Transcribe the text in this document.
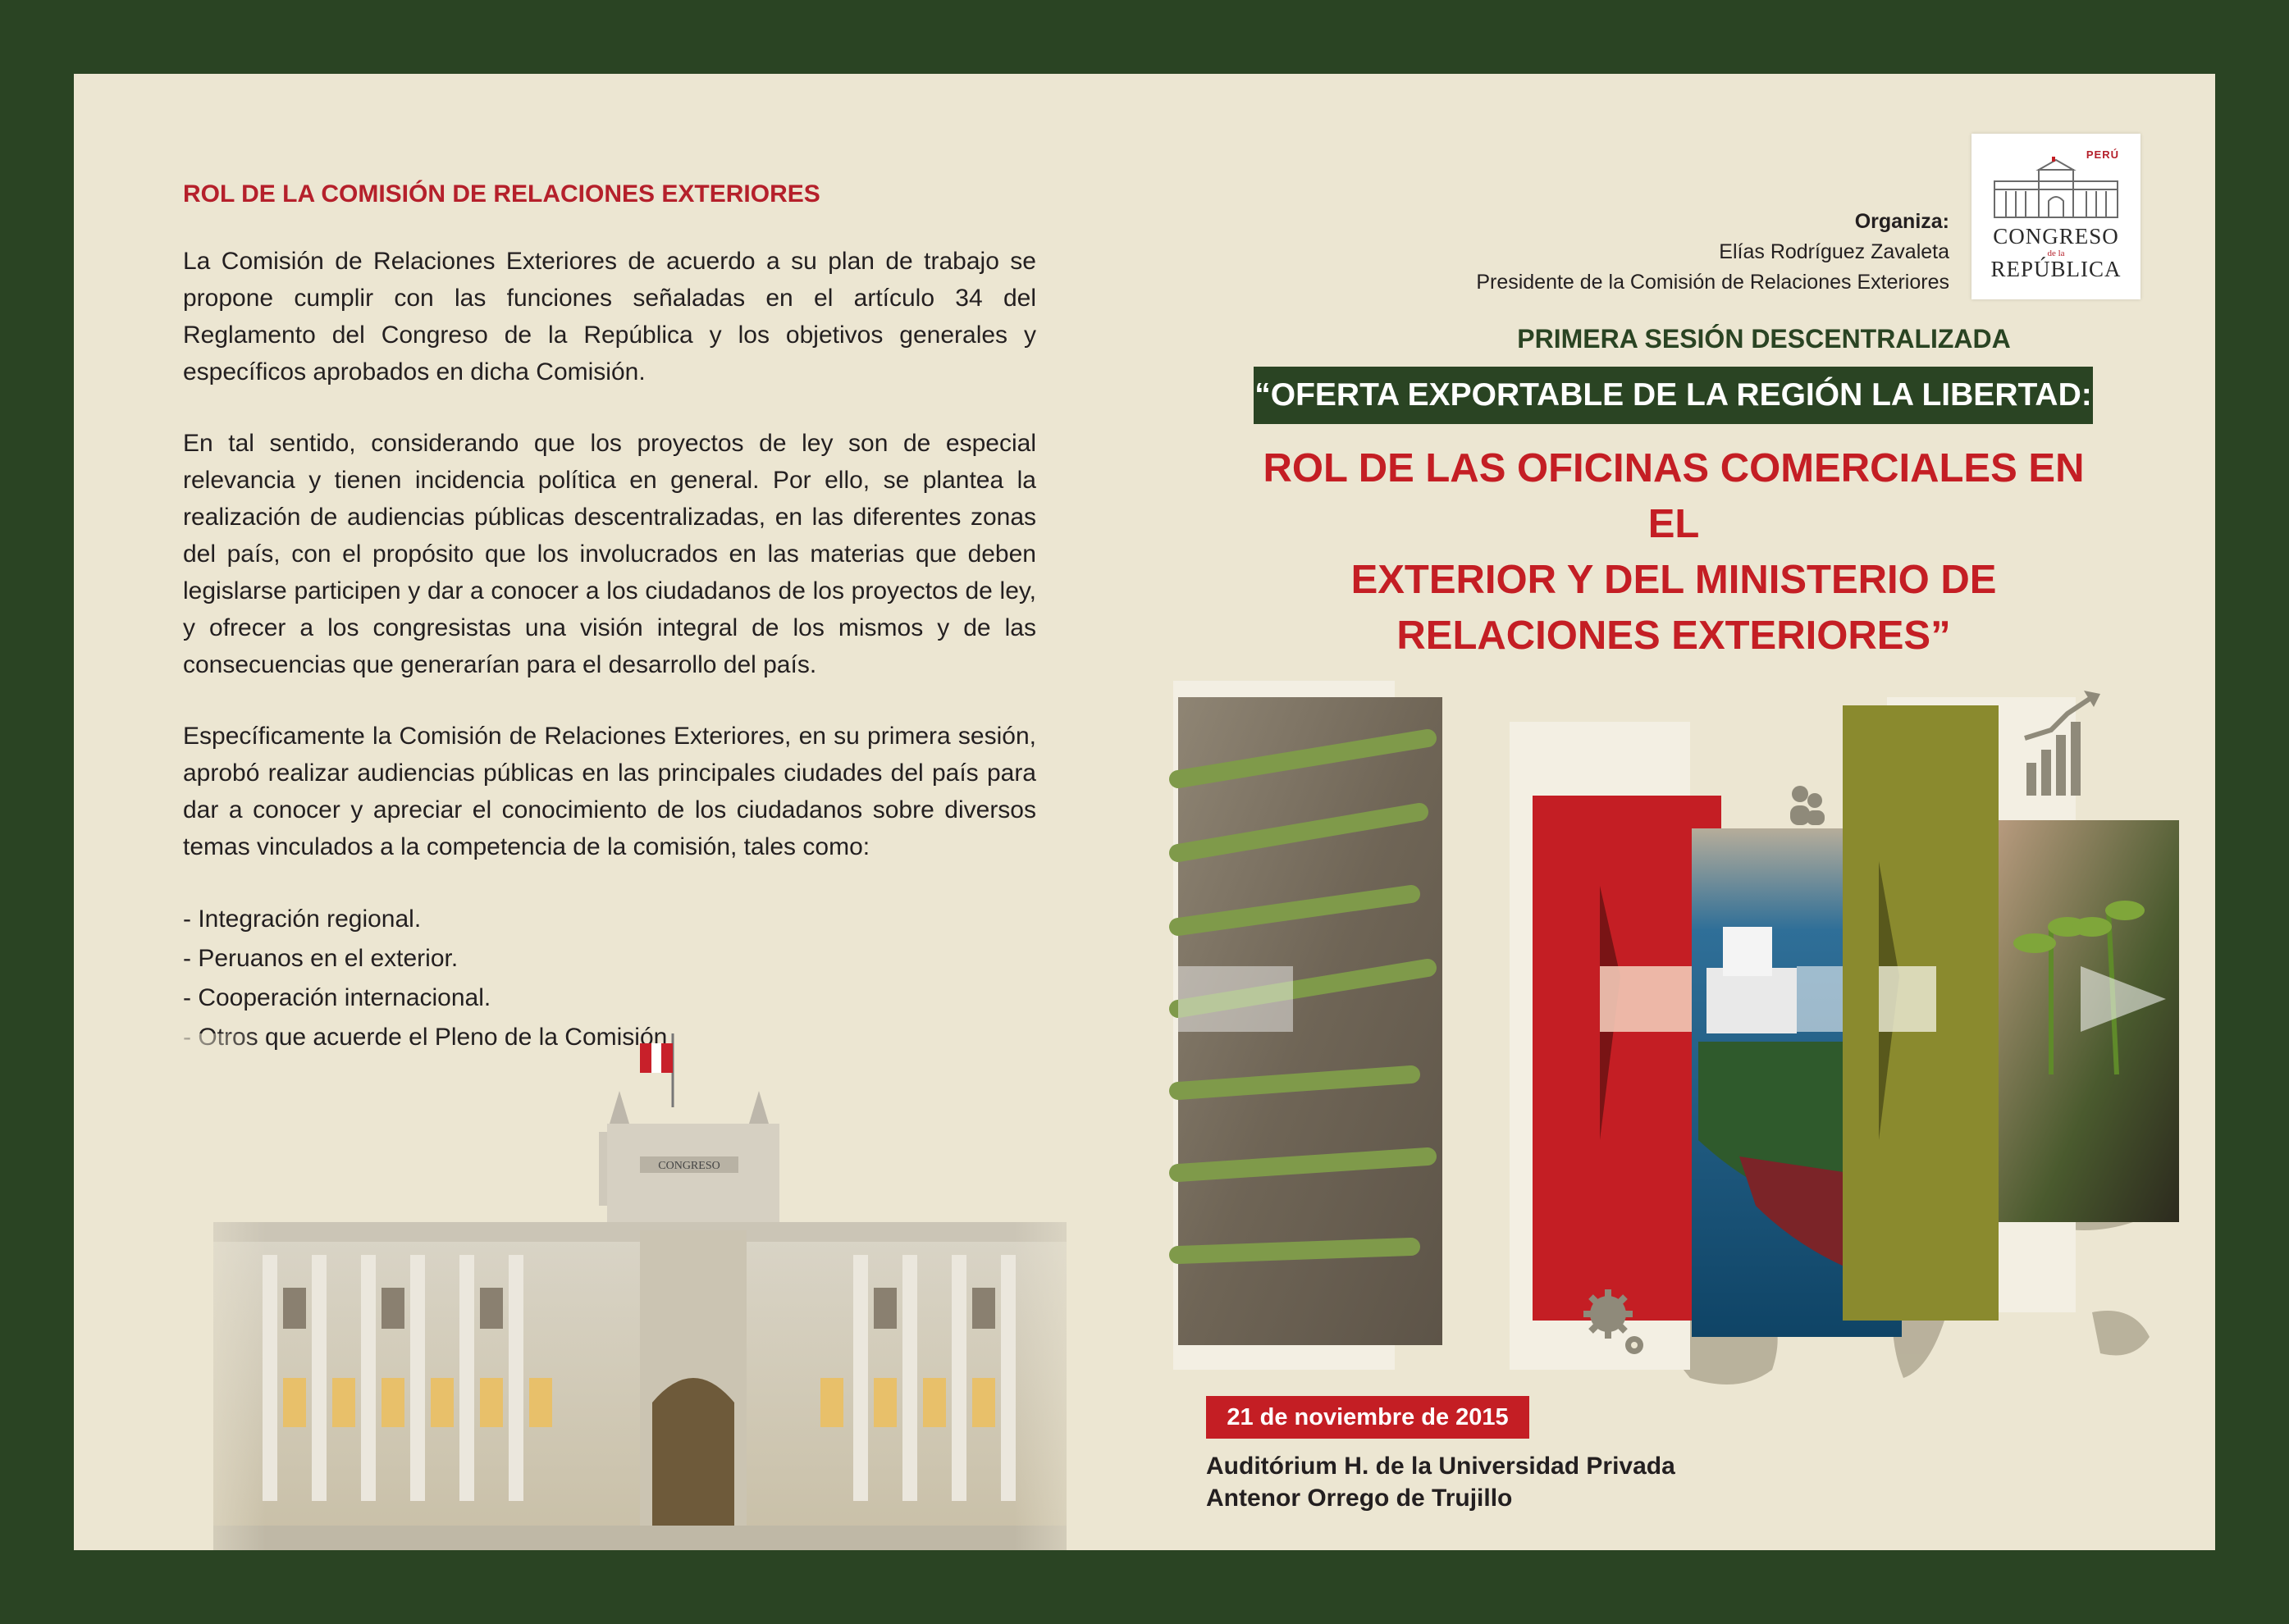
ROL DE LA COMISIÓN DE RELACIONES EXTERIORES

La Comisión de Relaciones Exteriores de acuerdo a su plan de trabajo se propone cumplir con las funciones señaladas en el artículo 34 del Reglamento del Congreso de la República y los objetivos generales y específicos aprobados en dicha Comisión.

En tal sentido, considerando que los proyectos de ley son de especial relevancia y tienen incidencia política en general. Por ello, se plantea la realización de audiencias públicas descentralizadas, en las diferentes zonas del país, con el propósito que los involucrados en las materias que deben legislarse participen y dar a conocer a los ciudadanos de los proyectos de ley, y ofrecer a los congresistas una visión integral de los mismos y de las consecuencias que generarían para el desarrollo del país.

Específicamente la Comisión de Relaciones Exteriores, en su primera sesión, aprobó realizar audiencias públicas en las principales ciudades del país para dar a conocer y apreciar el conocimiento de los ciudadanos sobre diversos temas vinculados a la competencia de la comisión, tales como:

- Integración regional.
- Peruanos en el exterior.
- Cooperación internacional.
PERÚ
CONGRESO
de la
REPÚBLICA
Organiza:
Elías Rodríguez Zavaleta
Presidente de la Comisión de Relaciones Exteriores
PRIMERA SESIÓN DESCENTRALIZADA
“OFERTA EXPORTABLE DE LA REGIÓN LA LIBERTAD:
ROL DE LAS OFICINAS COMERCIALES EN EL
EXTERIOR Y DEL MINISTERIO DE
RELACIONES EXTERIORES”
21 de noviembre de 2015
Auditórium H. de la Universidad Privada
Antenor Orrego de Trujillo
